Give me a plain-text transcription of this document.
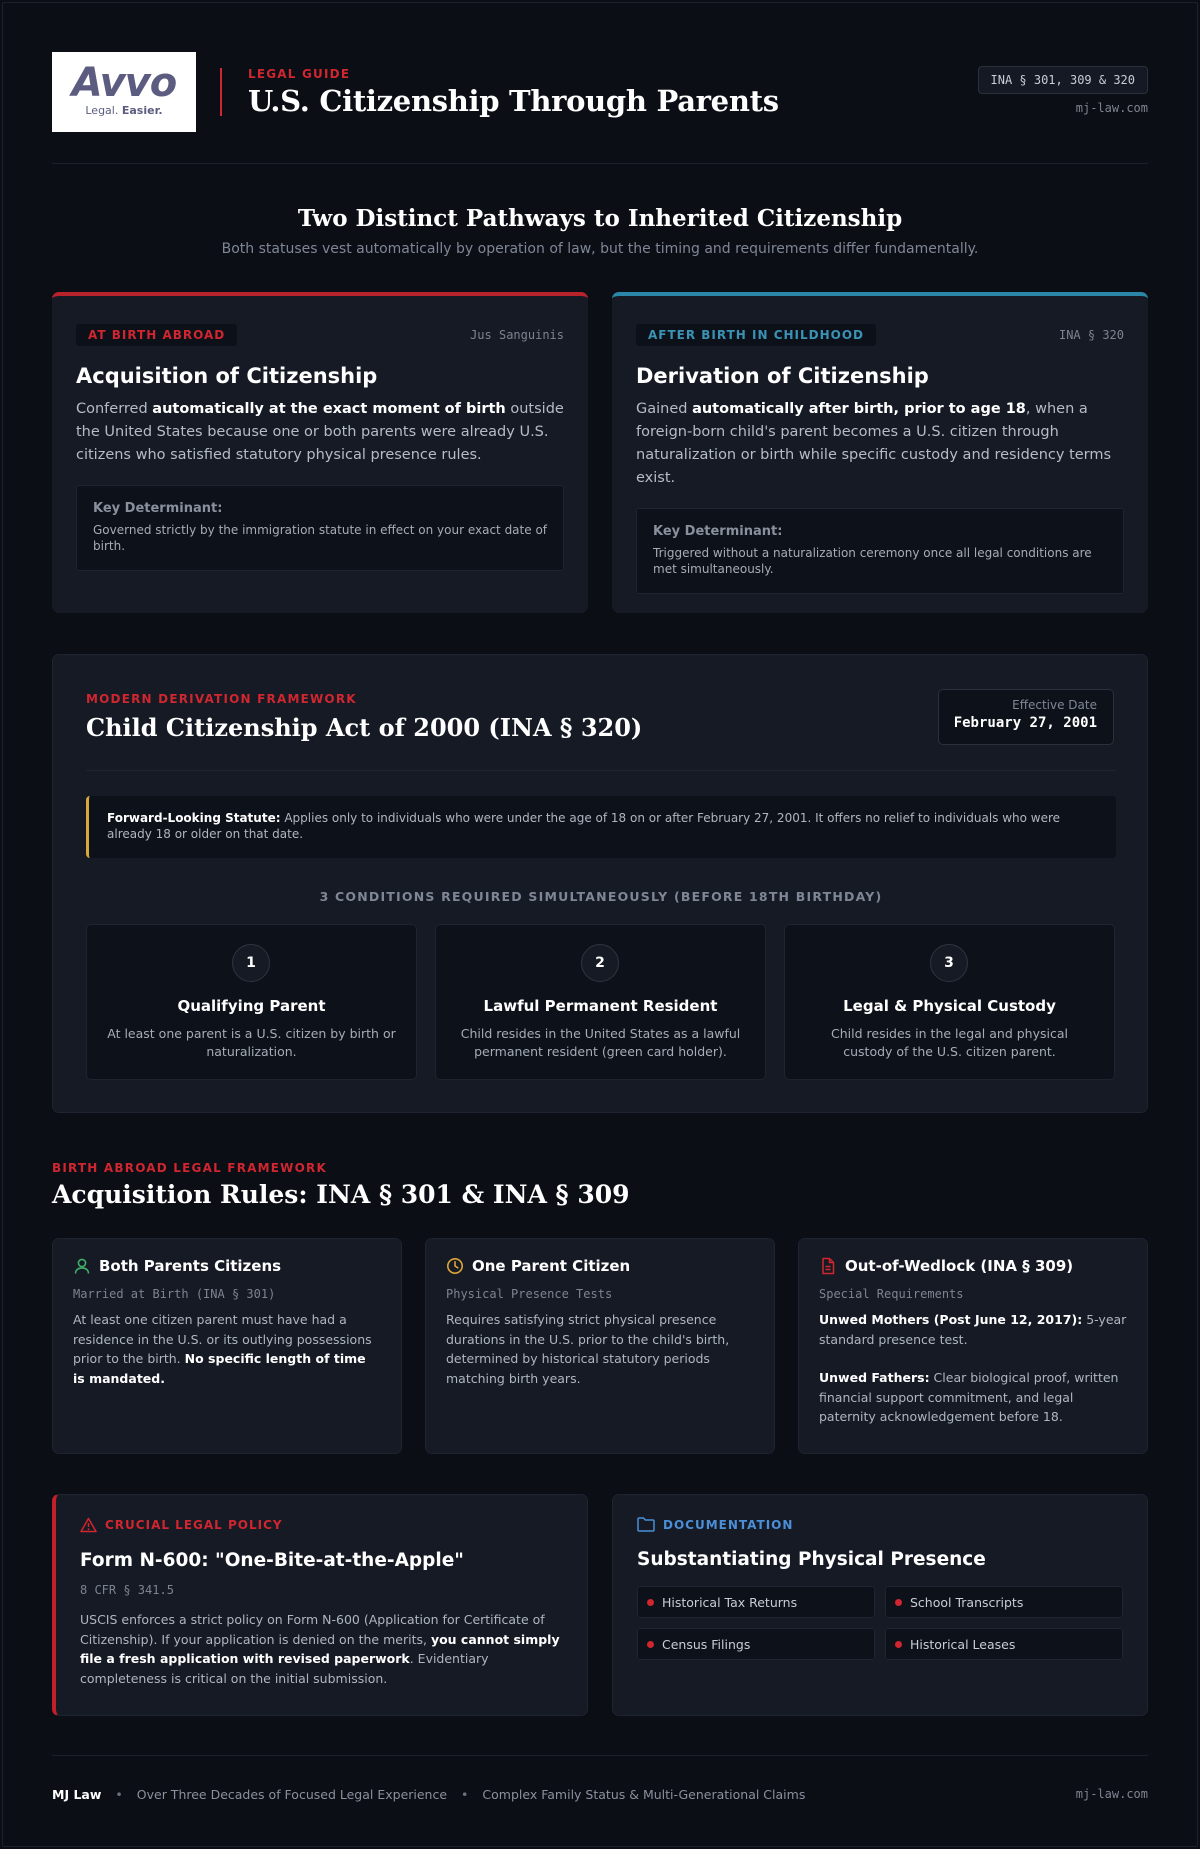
Avvo
Legal. Easier.
LEGAL GUIDE
U.S. Citizenship Through Parents
INA § 301, 309 & 320
mj-law.com
Two Distinct Pathways to Inherited Citizenship
Both statuses vest automatically by operation of law, but the timing and requirements differ fundamentally.
AT BIRTH ABROAD	Jus Sanguinis
Acquisition of Citizenship
Conferred automatically at the exact moment of birth outside the United States because one or both parents were already U.S. citizens who satisfied statutory physical presence rules.
Key Determinant:
Governed strictly by the immigration statute in effect on your exact date of birth.
AFTER BIRTH IN CHILDHOOD	INA § 320
Derivation of Citizenship
Gained automatically after birth, prior to age 18, when a foreign-born child's parent becomes a U.S. citizen through naturalization or birth while specific custody and residency terms exist.
Key Determinant:
Triggered without a naturalization ceremony once all legal conditions are met simultaneously.
MODERN DERIVATION FRAMEWORK
Child Citizenship Act of 2000 (INA § 320)
Effective Date
February 27, 2001
Forward-Looking Statute: Applies only to individuals who were under the age of 18 on or after February 27, 2001. It offers no relief to individuals who were already 18 or older on that date.
3 CONDITIONS REQUIRED SIMULTANEOUSLY (BEFORE 18TH BIRTHDAY)
1
Qualifying Parent
At least one parent is a U.S. citizen by birth or naturalization.
2
Lawful Permanent Resident
Child resides in the United States as a lawful permanent resident (green card holder).
3
Legal & Physical Custody
Child resides in the legal and physical custody of the U.S. citizen parent.
BIRTH ABROAD LEGAL FRAMEWORK
Acquisition Rules: INA § 301 & INA § 309
Both Parents Citizens
Married at Birth (INA § 301)
At least one citizen parent must have had a residence in the U.S. or its outlying possessions prior to the birth. No specific length of time is mandated.
One Parent Citizen
Physical Presence Tests
Requires satisfying strict physical presence durations in the U.S. prior to the child's birth, determined by historical statutory periods matching birth years.
Out-of-Wedlock (INA § 309)
Special Requirements
Unwed Mothers (Post June 12, 2017): 5-year standard presence test.
Unwed Fathers: Clear biological proof, written financial support commitment, and legal paternity acknowledgement before 18.
CRUCIAL LEGAL POLICY
Form N-600: "One-Bite-at-the-Apple"
8 CFR § 341.5
USCIS enforces a strict policy on Form N-600 (Application for Certificate of Citizenship). If your application is denied on the merits, you cannot simply file a fresh application with revised paperwork. Evidentiary completeness is critical on the initial submission.
DOCUMENTATION
Substantiating Physical Presence
Historical Tax Returns	School Transcripts
Census Filings	Historical Leases
MJ Law • Over Three Decades of Focused Legal Experience • Complex Family Status & Multi-Generational Claims	mj-law.com
